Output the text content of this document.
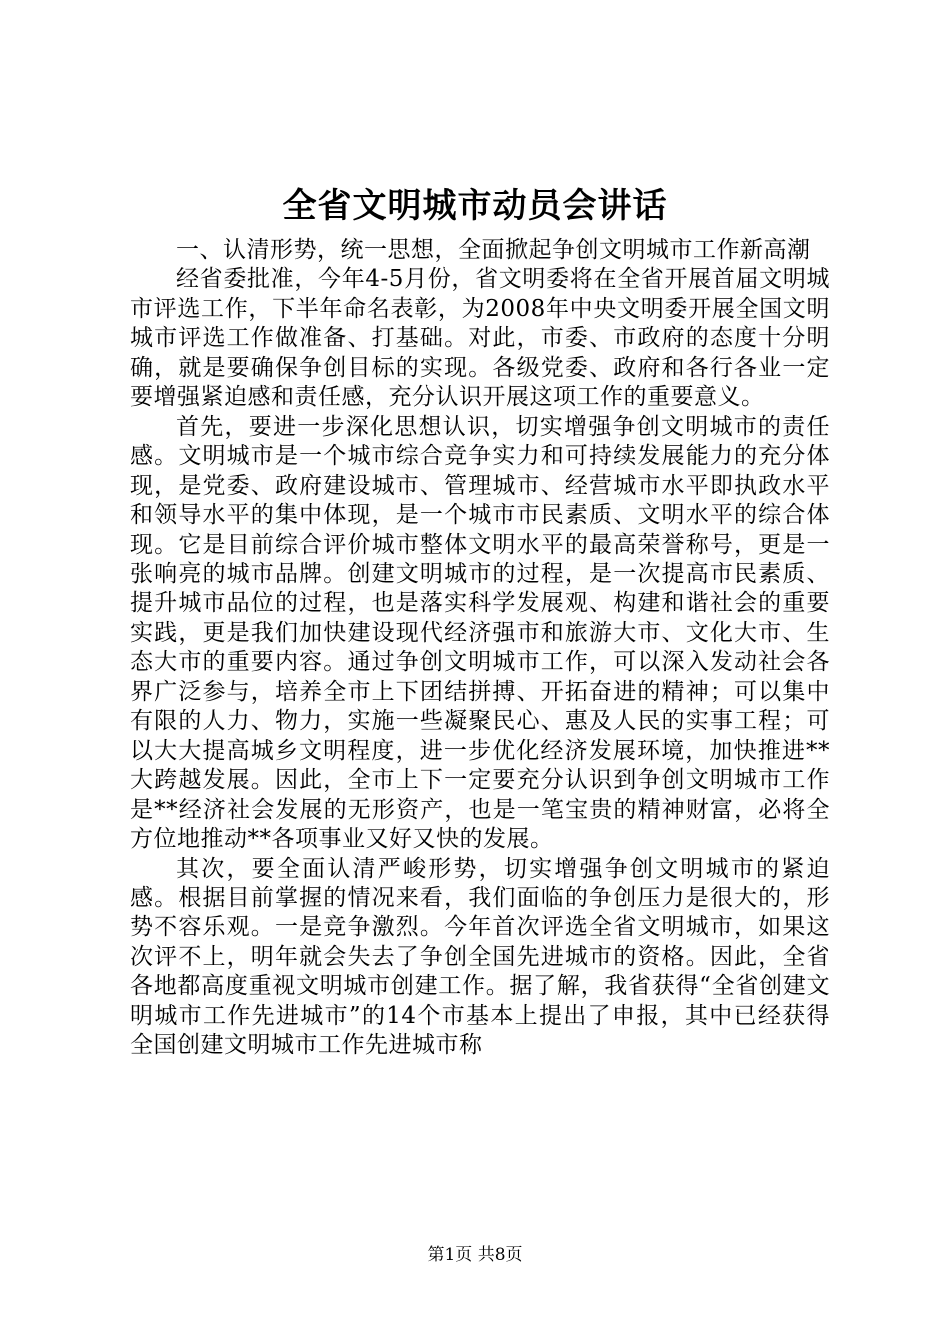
全省文明城市动员会讲话

一、认清形势，统一思想，全面掀起争创文明城市工作新高潮

经省委批准，今年4-5月份，省文明委将在全省开展首届文明城市评选工作，下半年命名表彰，为2008年中央文明委开展全国文明城市评选工作做准备、打基础。对此，市委、市政府的态度十分明确，就是要确保争创目标的实现。各级党委、政府和各行各业一定要增强紧迫感和责任感，充分认识开展这项工作的重要意义。

首先，要进一步深化思想认识，切实增强争创文明城市的责任感。文明城市是一个城市综合竞争实力和可持续发展能力的充分体现，是党委、政府建设城市、管理城市、经营城市水平即执政水平和领导水平的集中体现，是一个城市市民素质、文明水平的综合体现。它是目前综合评价城市整体文明水平的最高荣誉称号，更是一张响亮的城市品牌。创建文明城市的过程，是一次提高市民素质、提升城市品位的过程，也是落实科学发展观、构建和谐社会的重要实践，更是我们加快建设现代经济强市和旅游大市、文化大市、生态大市的重要内容。通过争创文明城市工作，可以深入发动社会各界广泛参与，培养全市上下团结拼搏、开拓奋进的精神；可以集中有限的人力、物力，实施一些凝聚民心、惠及人民的实事工程；可以大大提高城乡文明程度，进一步优化经济发展环境，加快推进**大跨越发展。因此，全市上下一定要充分认识到争创文明城市工作是**经济社会发展的无形资产，也是一笔宝贵的精神财富，必将全方位地推动**各项事业又好又快的发展。

其次，要全面认清严峻形势，切实增强争创文明城市的紧迫感。根据目前掌握的情况来看，我们面临的争创压力是很大的，形势不容乐观。一是竞争激烈。今年首次评选全省文明城市，如果这次评不上，明年就会失去了争创全国先进城市的资格。因此，全省各地都高度重视文明城市创建工作。据了解，我省获得“全省创建文明城市工作先进城市”的14个市基本上提出了申报，其中已经获得全国创建文明城市工作先进城市称

第1页 共8页
